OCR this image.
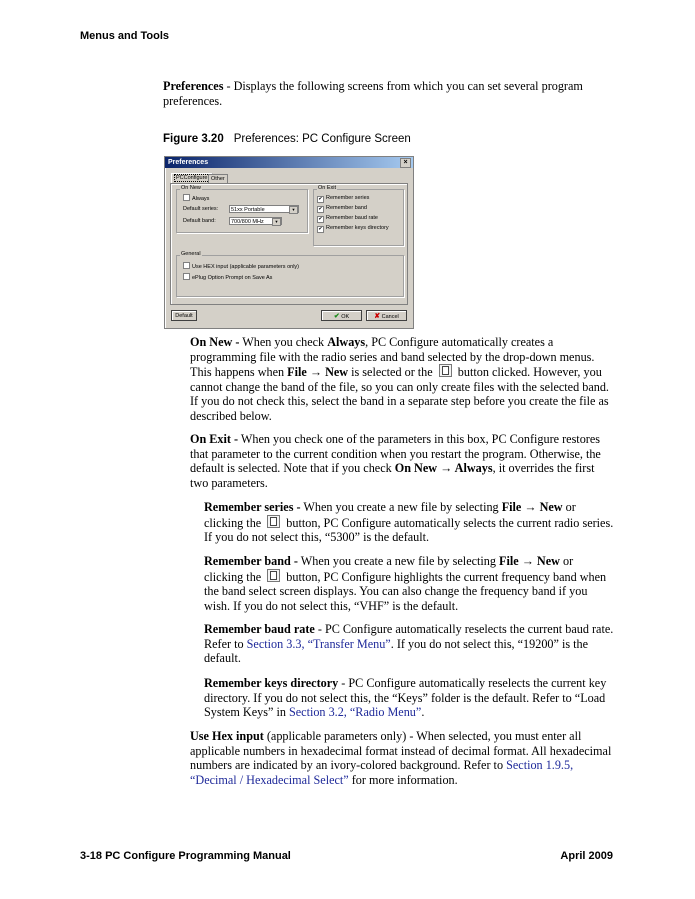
Menus and Tools
Preferences - Displays the following screens from which you can set several program preferences.
Figure 3.20 Preferences: PC Configure Screen
Preferences	×
PCConfigure Other
On New
Always
Default series:	51xx Portable	▼
Default band:	700/800 MHz	▼
On Exit
✔ Remember series
✔ Remember band
✔ Remember baud rate
✔ Remember keys directory
General
Use HEX input (applicable parameters only)
ePlug Option Prompt on Save As
Default	✔ OK	✘ Cancel
On New - When you check Always, PC Configure automatically creates a programming file with the radio series and band selected by the drop-down menus. This happens when File → New is selected or the  button clicked. However, you cannot change the band of the file, so you can only create files with the selected band. If you do not check this, select the band in a separate step before you create the file as described below.
On Exit - When you check one of the parameters in this box, PC Configure restores that parameter to the current condition when you restart the program. Otherwise, the default is selected. Note that if you check On New → Always, it overrides the first two parameters.
Remember series - When you create a new file by selecting File → New or clicking the  button, PC Configure automatically selects the current radio series. If you do not select this, “5300” is the default.
Remember band - When you create a new file by selecting File → New or clicking the  button, PC Configure highlights the current frequency band when the band select screen displays. You can also change the frequency band if you wish. If you do not select this, “VHF” is the default.
Remember baud rate - PC Configure automatically reselects the current baud rate. Refer to Section 3.3, “Transfer Menu”. If you do not select this, “19200” is the default.
Remember keys directory - PC Configure automatically reselects the current key directory. If you do not select this, the “Keys” folder is the default. Refer to “Load System Keys” in Section 3.2, “Radio Menu”.
Use Hex input (applicable parameters only) - When selected, you must enter all applicable numbers in hexadecimal format instead of decimal format. All hexadecimal numbers are indicated by an ivory-colored background. Refer to Section 1.9.5, “Decimal / Hexadecimal Select” for more information.
3-18 PC Configure Programming Manual	April 2009
